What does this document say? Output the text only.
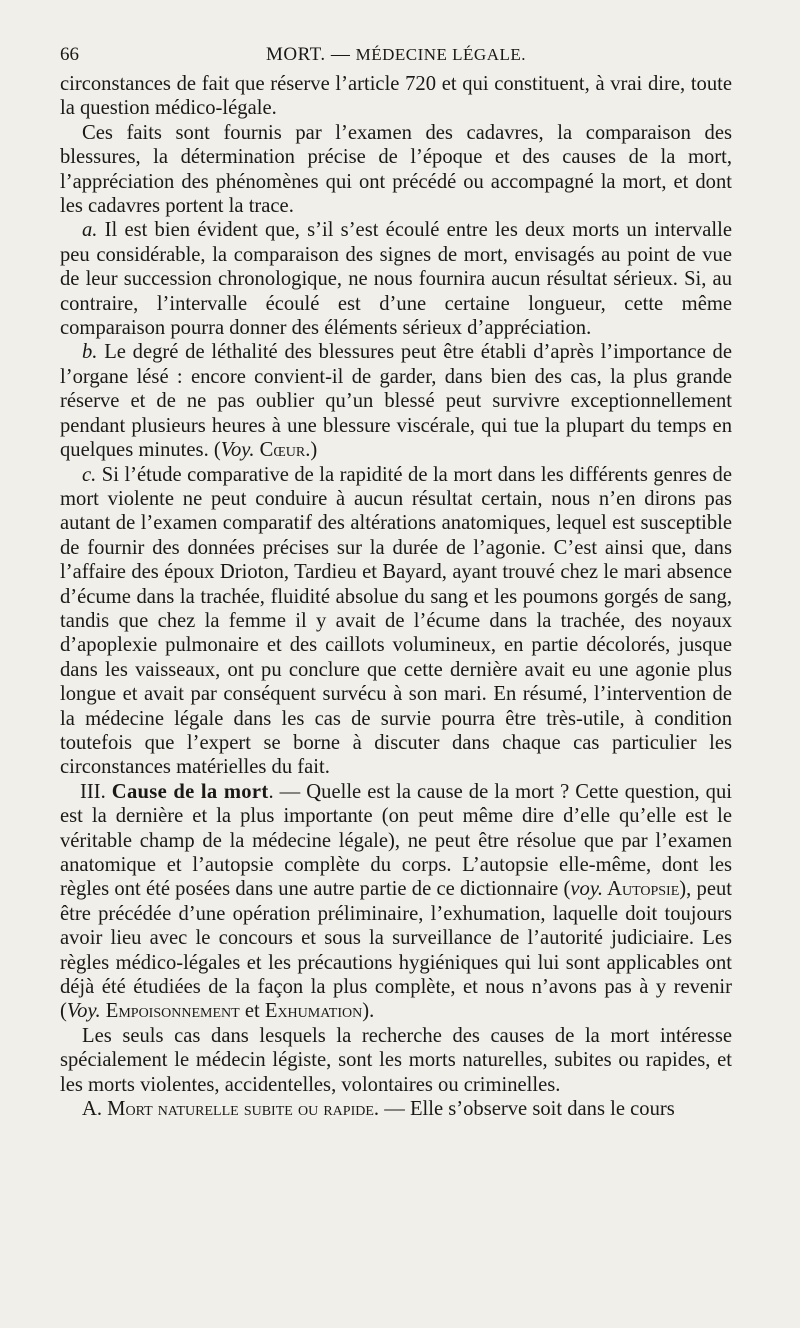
66	MORT. — MÉDECINE LÉGALE.

circonstances de fait que réserve l’article 720 et qui constituent, à vrai dire, toute la question médico-légale.

Ces faits sont fournis par l’examen des cadavres, la comparaison des blessures, la détermination précise de l’époque et des causes de la mort, l’appréciation des phénomènes qui ont précédé ou accompagné la mort, et dont les cadavres portent la trace.

a. Il est bien évident que, s’il s’est écoulé entre les deux morts un intervalle peu considérable, la comparaison des signes de mort, envisagés au point de vue de leur succession chronologique, ne nous fournira aucun résultat sérieux. Si, au contraire, l’intervalle écoulé est d’une certaine longueur, cette même comparaison pourra donner des éléments sérieux d’appréciation.

b. Le degré de léthalité des blessures peut être établi d’après l’importance de l’organe lésé : encore convient-il de garder, dans bien des cas, la plus grande réserve et de ne pas oublier qu’un blessé peut survivre exceptionnellement pendant plusieurs heures à une blessure viscérale, qui tue la plupart du temps en quelques minutes. (Voy. Cœur.)

c. Si l’étude comparative de la rapidité de la mort dans les différents genres de mort violente ne peut conduire à aucun résultat certain, nous n’en dirons pas autant de l’examen comparatif des altérations anatomiques, lequel est susceptible de fournir des données précises sur la durée de l’agonie. C’est ainsi que, dans l’affaire des époux Drioton, Tardieu et Bayard, ayant trouvé chez le mari absence d’écume dans la trachée, fluidité absolue du sang et les poumons gorgés de sang, tandis que chez la femme il y avait de l’écume dans la trachée, des noyaux d’apoplexie pulmonaire et des caillots volumineux, en partie décolorés, jusque dans les vaisseaux, ont pu conclure que cette dernière avait eu une agonie plus longue et avait par conséquent survécu à son mari. En résumé, l’intervention de la médecine légale dans les cas de survie pourra être très-utile, à condition toutefois que l’expert se borne à discuter dans chaque cas particulier les circonstances matérielles du fait.

III. Cause de la mort. — Quelle est la cause de la mort ? Cette question, qui est la dernière et la plus importante (on peut même dire d’elle qu’elle est le véritable champ de la médecine légale), ne peut être résolue que par l’examen anatomique et l’autopsie complète du corps. L’autopsie elle-même, dont les règles ont été posées dans une autre partie de ce dictionnaire (voy. Autopsie), peut être précédée d’une opération préliminaire, l’exhumation, laquelle doit toujours avoir lieu avec le concours et sous la surveillance de l’autorité judiciaire. Les règles médico-légales et les précautions hygiéniques qui lui sont applicables ont déjà été étudiées de la façon la plus complète, et nous n’avons pas à y revenir (Voy. Empoisonnement et Exhumation).

Les seuls cas dans lesquels la recherche des causes de la mort intéresse spécialement le médecin légiste, sont les morts naturelles, subites ou rapides, et les morts violentes, accidentelles, volontaires ou criminelles.

A. Mort naturelle subite ou rapide. — Elle s’observe soit dans le cours
